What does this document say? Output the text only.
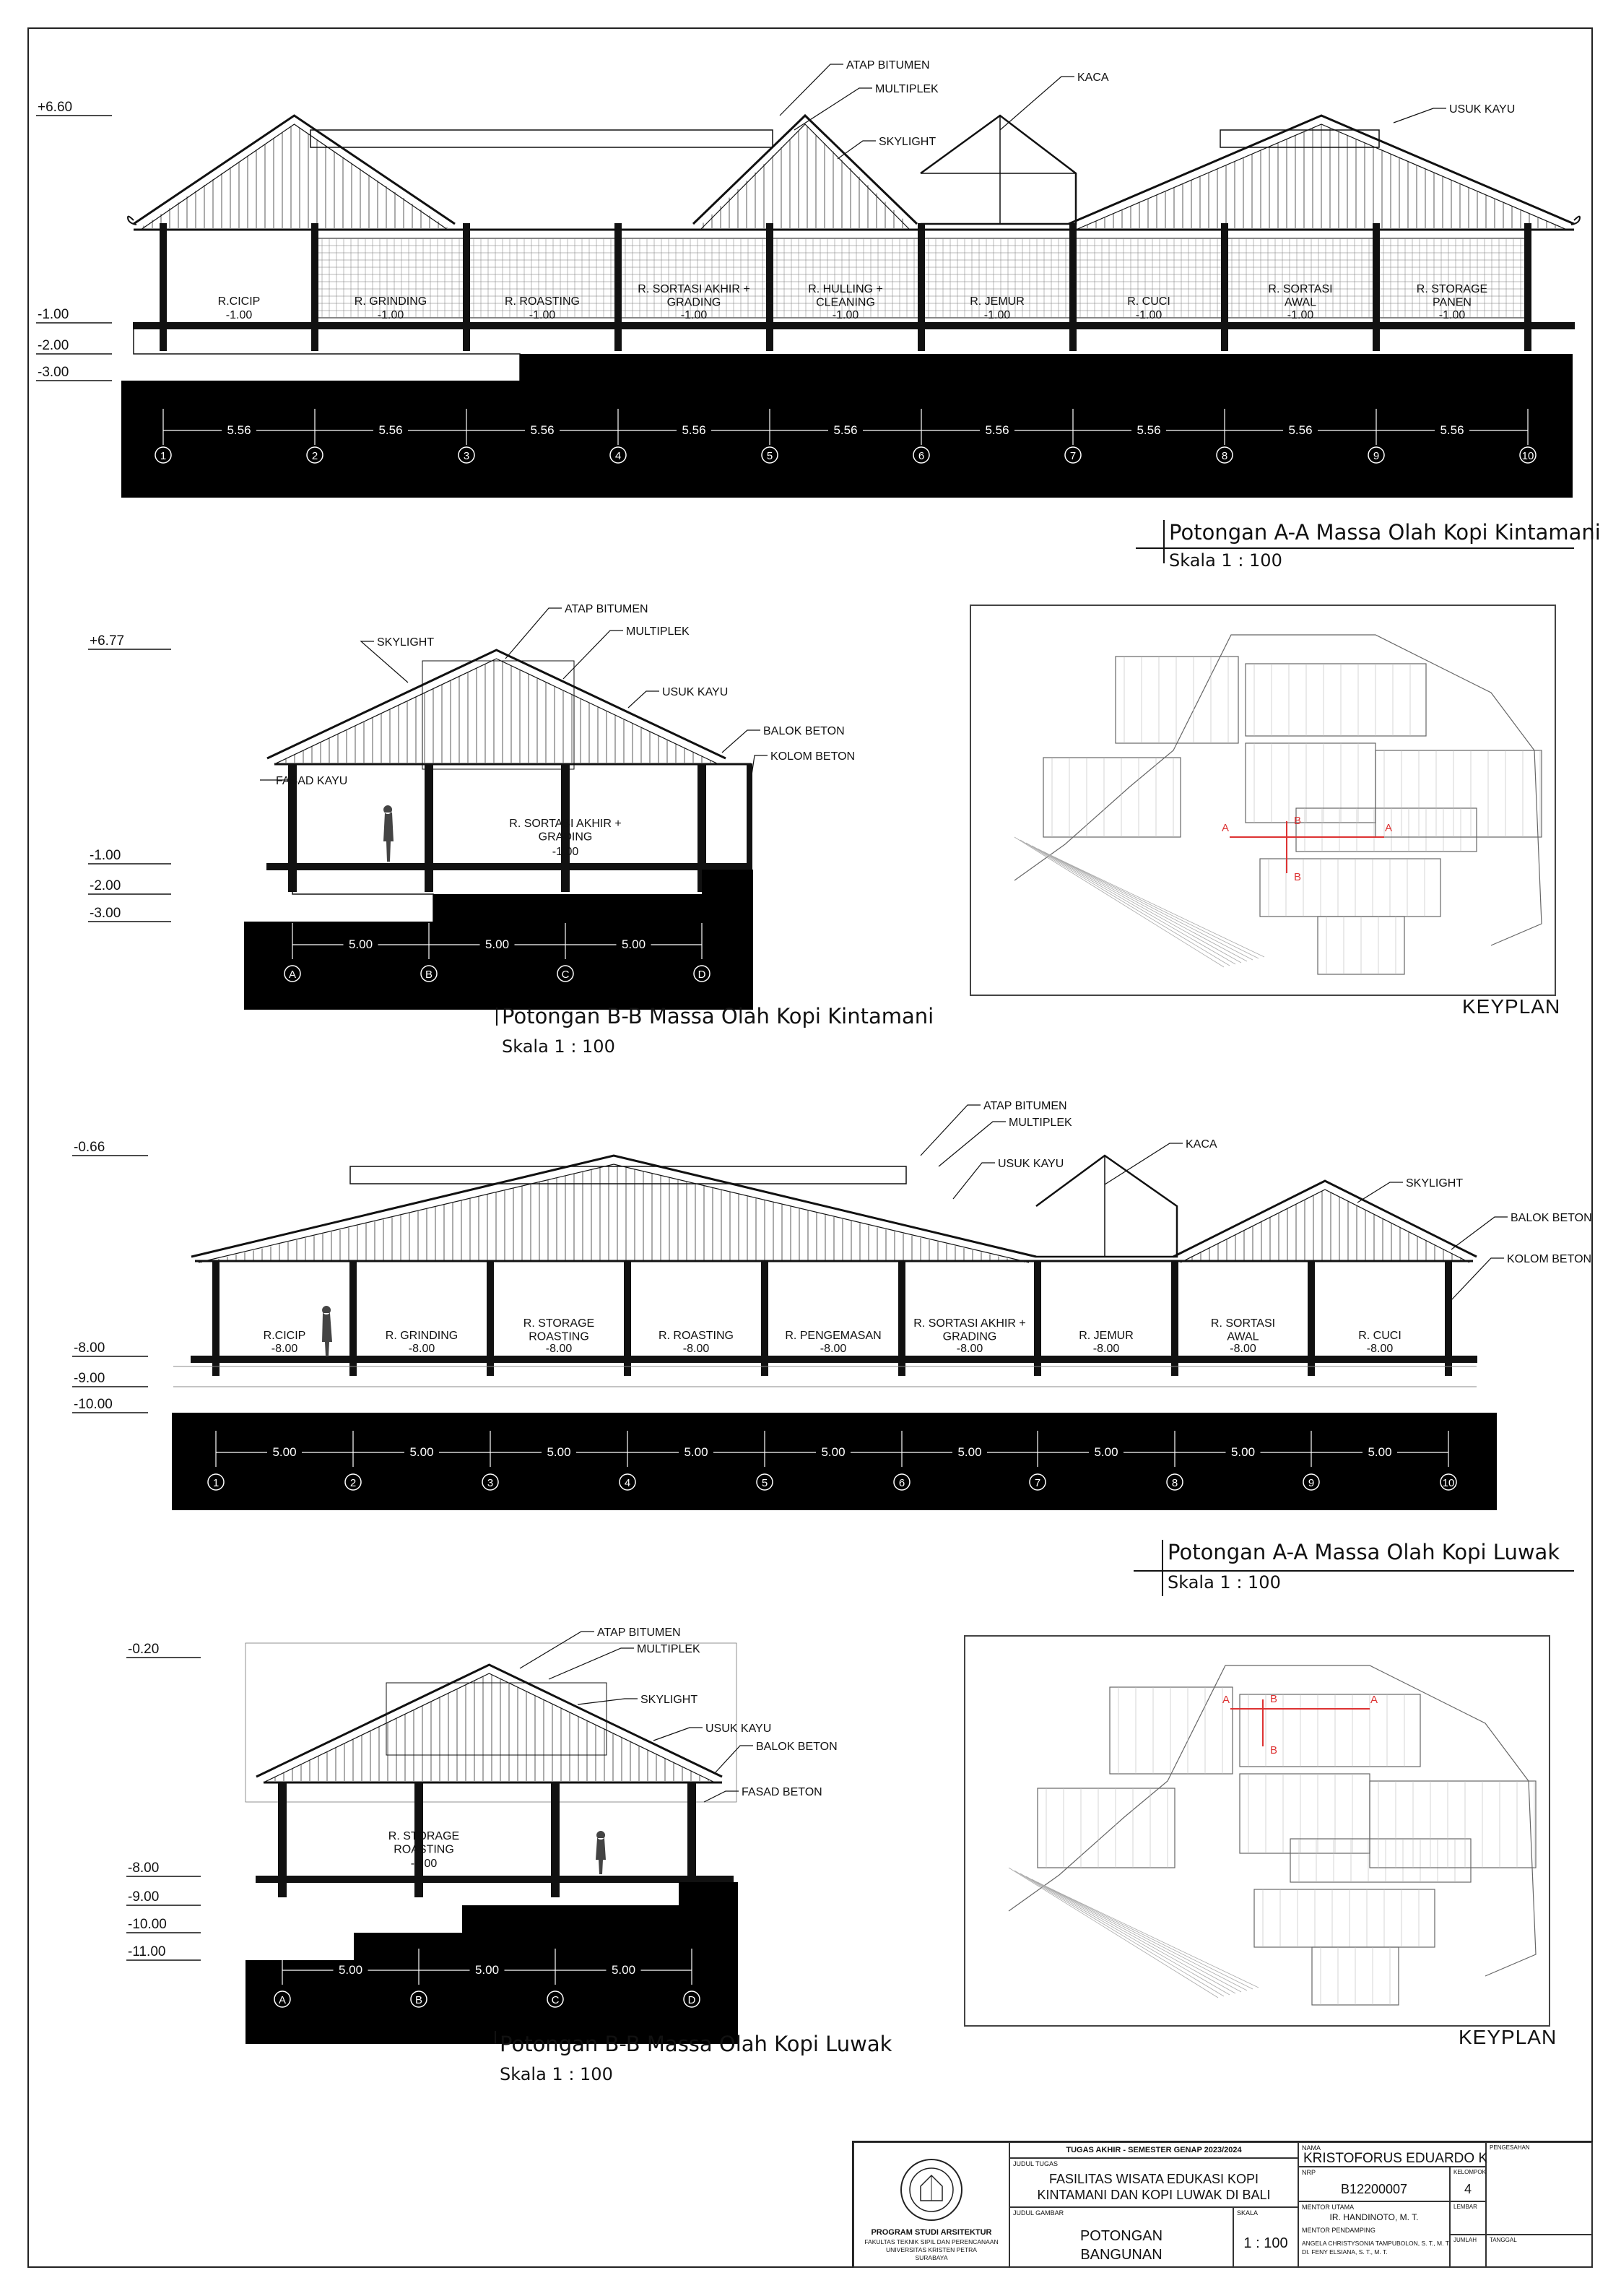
+6.60
-1.00
-2.00
-3.00
R.CICIP
-1.00
R. GRINDING
-1.00
R. ROASTING
-1.00
R. SORTASI AKHIR + GRADING
-1.00
R. HULLING + CLEANING
-1.00
R. JEMUR
-1.00
R. CUCI
-1.00
R. SORTASI AWAL
-1.00
R. STORAGE PANEN
-1.00
5.56	5.56	5.56	5.56	5.56	5.56	5.56	5.56	5.56
1	2	3	4	5	6	7	8	9	10
ATAP BITUMEN
MULTIPLEK
SKYLIGHT
KACA
USUK KAYU
Potongan A-A Massa Olah Kopi Kintamani
Skala 1 : 100
+6.77
-1.00
-2.00
-3.00
R. SORTASI AKHIR + GRADING
-1.00
5.00	5.00	5.00
A	B	C	D
SKYLIGHT
ATAP BITUMEN
MULTIPLEK
USUK KAYU
BALOK BETON
KOLOM BETON
FASAD KAYU
Potongan B-B Massa Olah Kopi Kintamani
Skala 1 : 100
A	A
B
B
KEYPLAN
-0.66
-8.00
-9.00
-10.00
R.CICIP
-8.00
R. GRINDING
-8.00
R. STORAGE ROASTING
-8.00
R. ROASTING
-8.00
R. PENGEMASAN
-8.00
R. SORTASI AKHIR + GRADING
-8.00
R. JEMUR
-8.00
R. SORTASI AWAL
-8.00
R. CUCI
-8.00
5.00	5.00	5.00	5.00	5.00	5.00	5.00	5.00	5.00
1	2	3	4	5	6	7	8	9	10
ATAP BITUMEN
MULTIPLEK
USUK KAYU
KACA
SKYLIGHT
BALOK BETON
KOLOM BETON
Potongan A-A Massa Olah Kopi Luwak
Skala 1 : 100
-0.20
-8.00
-9.00
-10.00
-11.00
R. STORAGE ROASTING
-8.00
5.00	5.00	5.00
A	B	C	D
ATAP BITUMEN
MULTIPLEK
SKYLIGHT
USUK KAYU
BALOK BETON
FASAD BETON
Potongan B-B Massa Olah Kopi Luwak
Skala 1 : 100
A	A
B
B
KEYPLAN
PROGRAM STUDI ARSITEKTUR
FAKULTAS TEKNIK SIPIL DAN PERENCANAAN
UNIVERSITAS KRISTEN PETRA
SURABAYA
TUGAS AKHIR - SEMESTER GENAP 2023/2024
JUDUL TUGAS
FASILITAS WISATA EDUKASI KOPI
KINTAMANI DAN KOPI LUWAK DI BALI
JUDUL GAMBAR
POTONGAN
BANGUNAN
SKALA
1 : 100
NAMA
KRISTOFORUS EDUARDO K
NRP
B12200007
KELOMPOK
4
MENTOR UTAMA
IR. HANDINOTO, M. T.
MENTOR PENDAMPING
ANGELA CHRISTYSONIA TAMPUBOLON, S. T., M. T.
DI. FENY ELSIANA, S. T., M. T.
LEMBAR
JUMLAH
PENGESAHAN
TANGGAL
